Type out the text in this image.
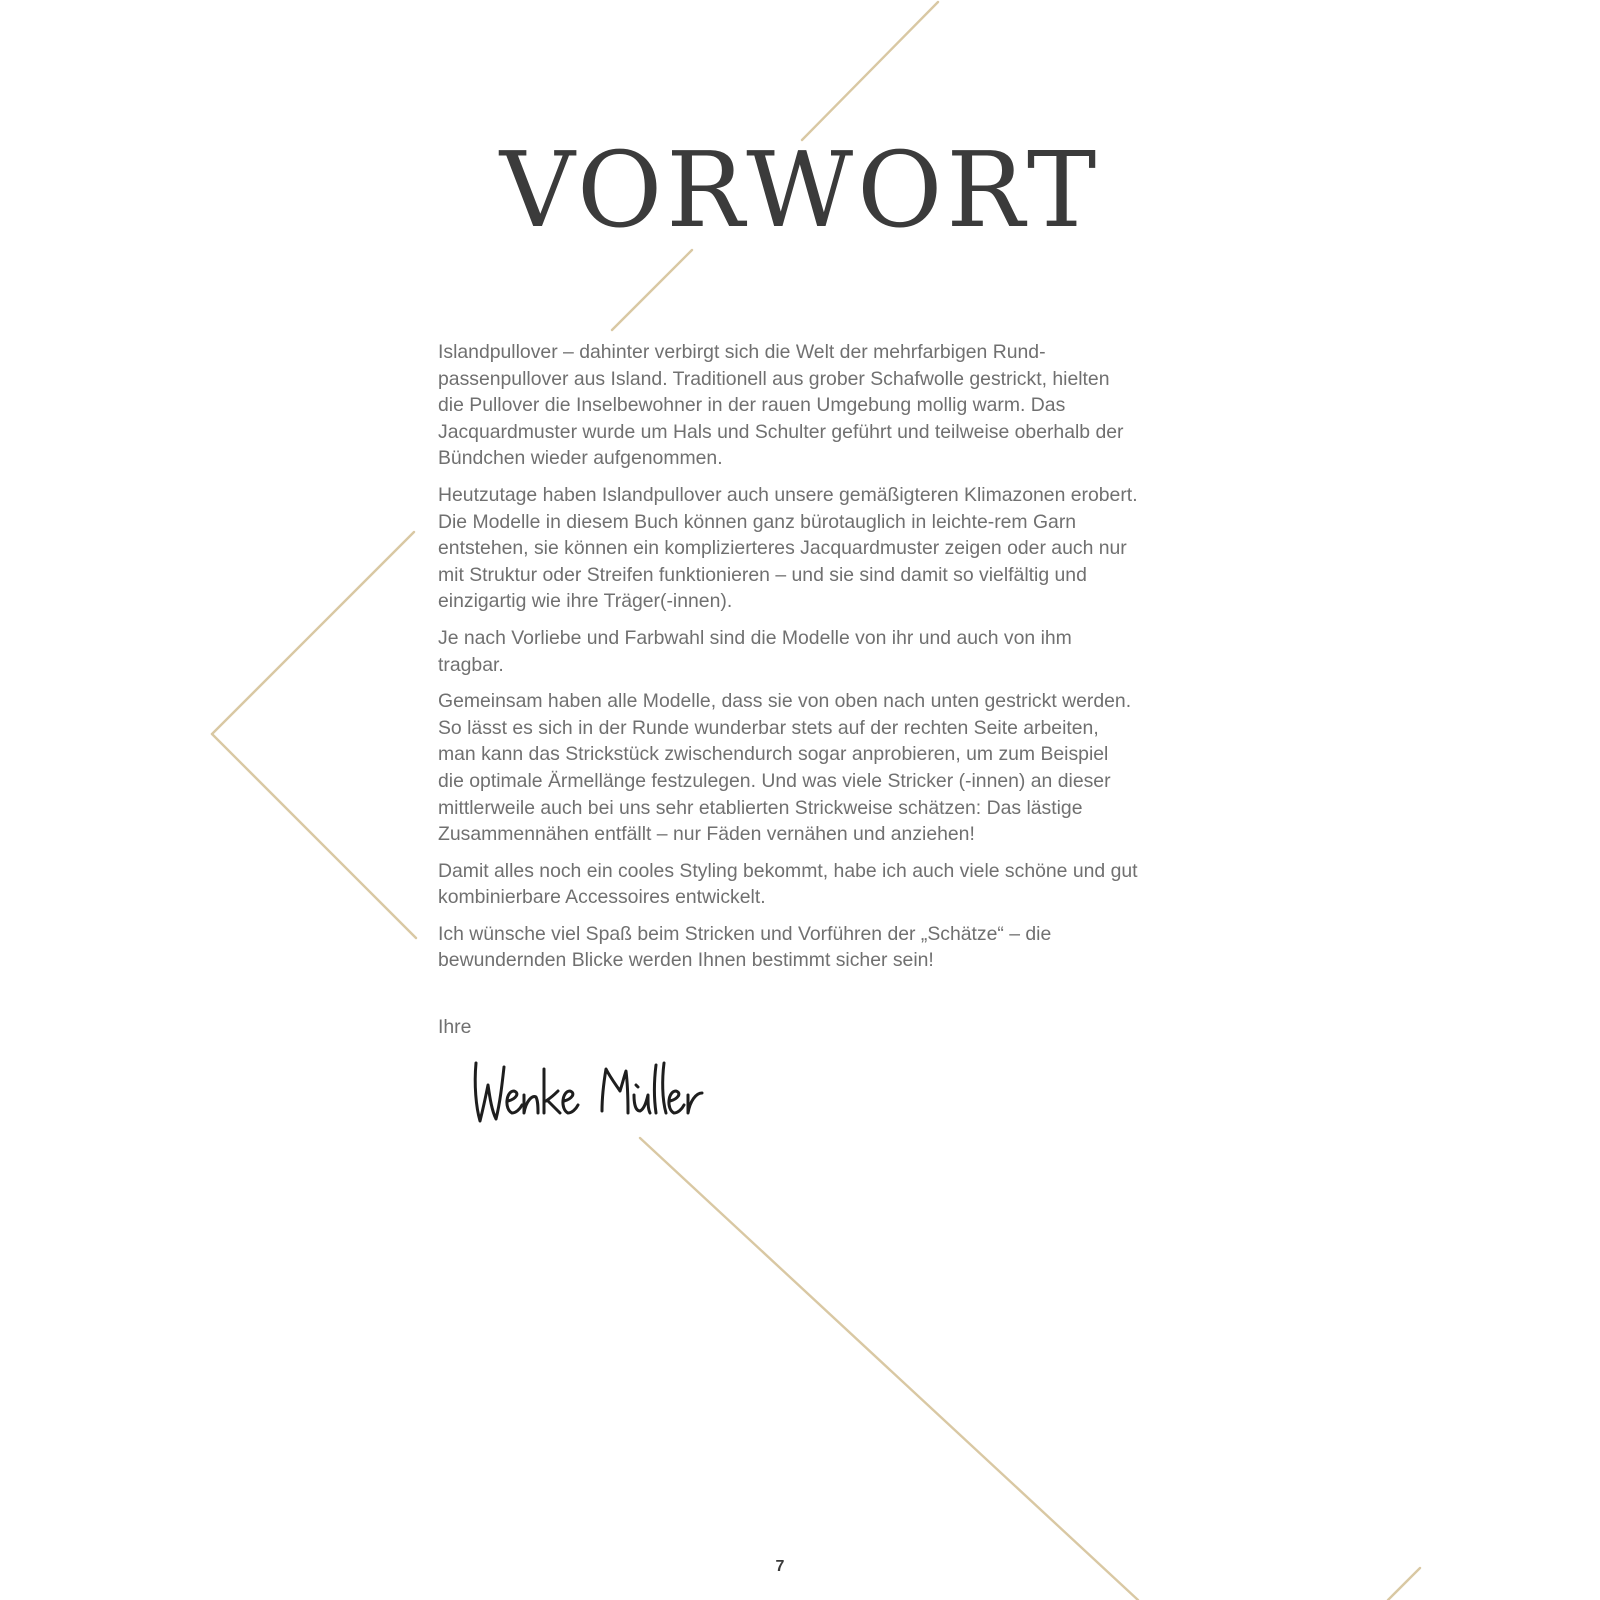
VORWORT

Islandpullover – dahinter verbirgt sich die Welt der mehrfarbigen Rund-passenpullover aus Island. Traditionell aus grober Schafwolle gestrickt, hielten die Pullover die Inselbewohner in der rauen Umgebung mollig warm. Das Jacquardmuster wurde um Hals und Schulter geführt und teilweise oberhalb der Bündchen wieder aufgenommen.

Heutzutage haben Islandpullover auch unsere gemäßigteren Klimazonen erobert. Die Modelle in diesem Buch können ganz bürotauglich in leichte-rem Garn entstehen, sie können ein komplizierteres Jacquardmuster zeigen oder auch nur mit Struktur oder Streifen funktionieren – und sie sind damit so vielfältig und einzigartig wie ihre Träger(-innen).

Je nach Vorliebe und Farbwahl sind die Modelle von ihr und auch von ihm tragbar.

Gemeinsam haben alle Modelle, dass sie von oben nach unten gestrickt werden. So lässt es sich in der Runde wunderbar stets auf der rechten Seite arbeiten, man kann das Strickstück zwischendurch sogar anprobieren, um zum Beispiel die optimale Ärmellänge festzulegen. Und was viele Stricker (-innen) an dieser mittlerweile auch bei uns sehr etablierten Strickweise schätzen: Das lästige Zusammennähen entfällt – nur Fäden vernähen und anziehen!

Damit alles noch ein cooles Styling bekommt, habe ich auch viele schöne und gut kombinierbare Accessoires entwickelt.

Ich wünsche viel Spaß beim Stricken und Vorführen der „Schätze“ – die bewundernden Blicke werden Ihnen bestimmt sicher sein!

Ihre

7
